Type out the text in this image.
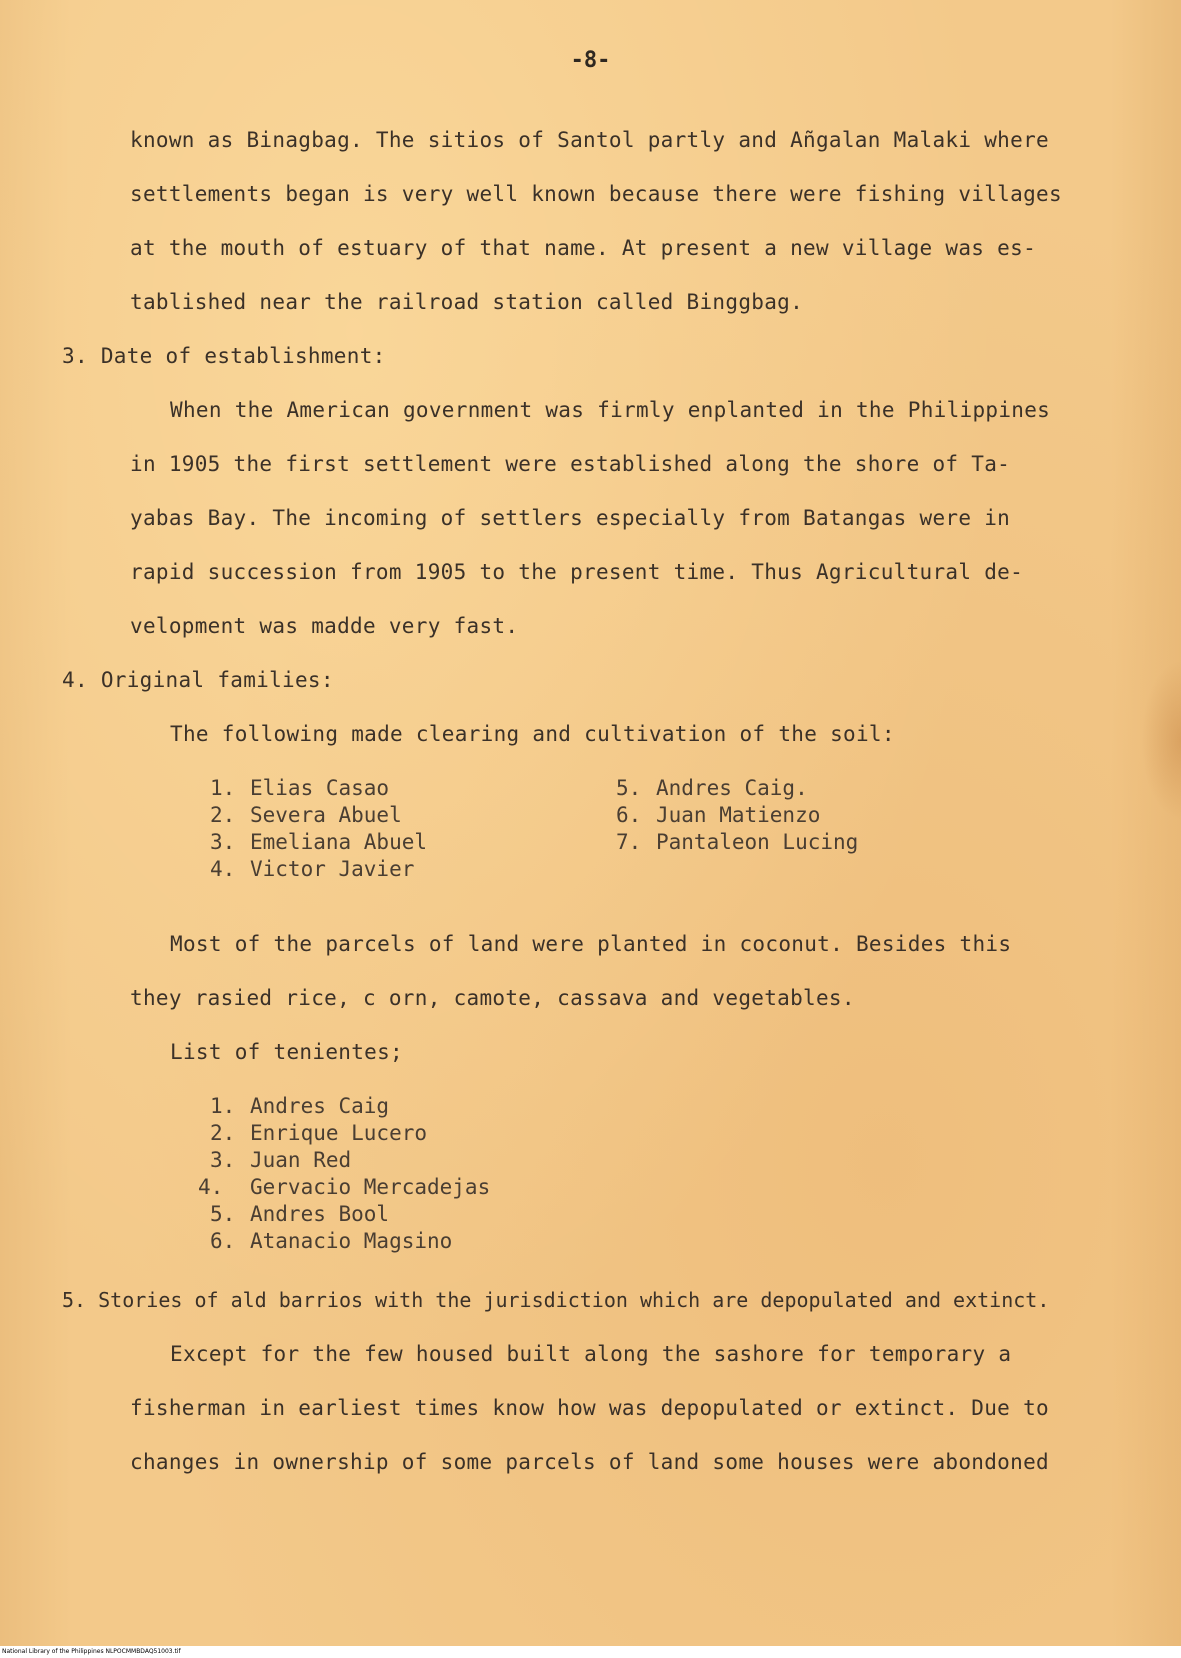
-8-
known as Binagbag. The sitios of Santol partly and Añgalan Malaki where
settlements began is very well known because there were fishing villages
at the mouth of estuary of that name. At present a new village was es-
tablished near the railroad station called Binggbag.
3. Date of establishment:
When the American government was firmly enplanted in the Philippines
in 1905 the first settlement were established along the shore of Ta-
yabas Bay. The incoming of settlers especially from Batangas were in
rapid succession from 1905 to the present time. Thus Agricultural de-
velopment was madde very fast.
4. Original families:
The following made clearing and cultivation of the soil:
1. Elias Casao
2. Severa Abuel
3. Emeliana Abuel
4. Victor Javier
5. Andres Caig.
6. Juan Matienzo
7. Pantaleon Lucing
Most of the parcels of land were planted in coconut. Besides this
they rasied rice, c orn, camote, cassava and vegetables.
List of tenientes;
1. Andres Caig
2. Enrique Lucero
3. Juan Red
4. Gervacio Mercadejas
5. Andres Bool
6. Atanacio Magsino
5. Stories of ald barrios with the jurisdiction which are depopulated and extinct.
Except for the few housed built along the sashore for temporary a
fisherman in earliest times know how was depopulated or extinct. Due to
changes in ownership of some parcels of land some houses were abondoned
National Library of the Philippines NLPOCMMBDAQ51003.tif
